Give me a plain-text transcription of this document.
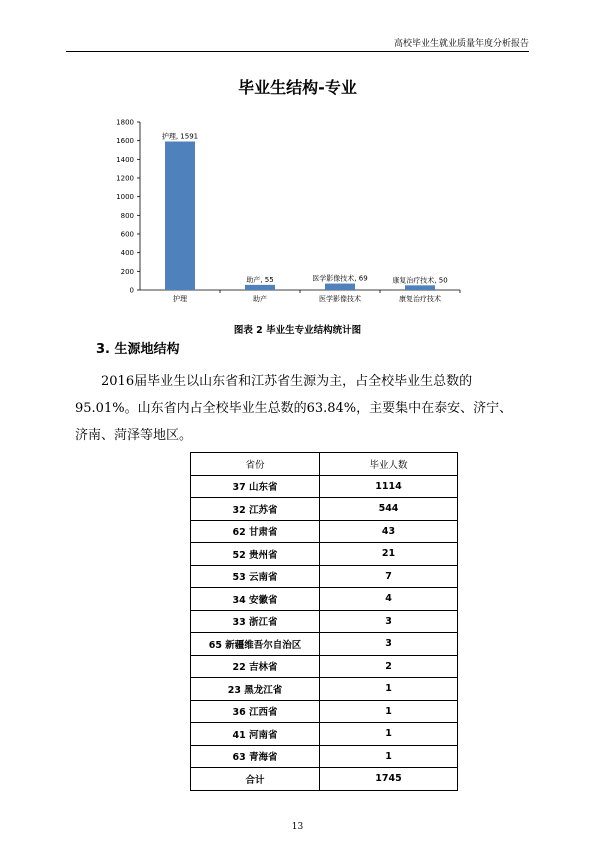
高校毕业生就业质量年度分析报告
毕业生结构-专业
0
200
400
600
800
1000
1200
1400
1600
1800
护理, 1591
护理
助产, 55
助产
医学影像技术, 69
医学影像技术
康复治疗技术, 50
康复治疗技术
图表 2 毕业生专业结构统计图
3. 生源地结构
2016届毕业生以山东省和江苏省生源为主，占全校毕业生总数的95.01%。山东省内占全校毕业生总数的63.84%，主要集中在泰安、济宁、济南、菏泽等地区。
省份	毕业人数
37 山东省	1114
32 江苏省	544
62 甘肃省	43
52 贵州省	21
53 云南省	7
34 安徽省	4
33 浙江省	3
65 新疆维吾尔自治区	3
22 吉林省	2
23 黑龙江省	1
36 江西省	1
41 河南省	1
63 青海省	1
合计	1745
13
